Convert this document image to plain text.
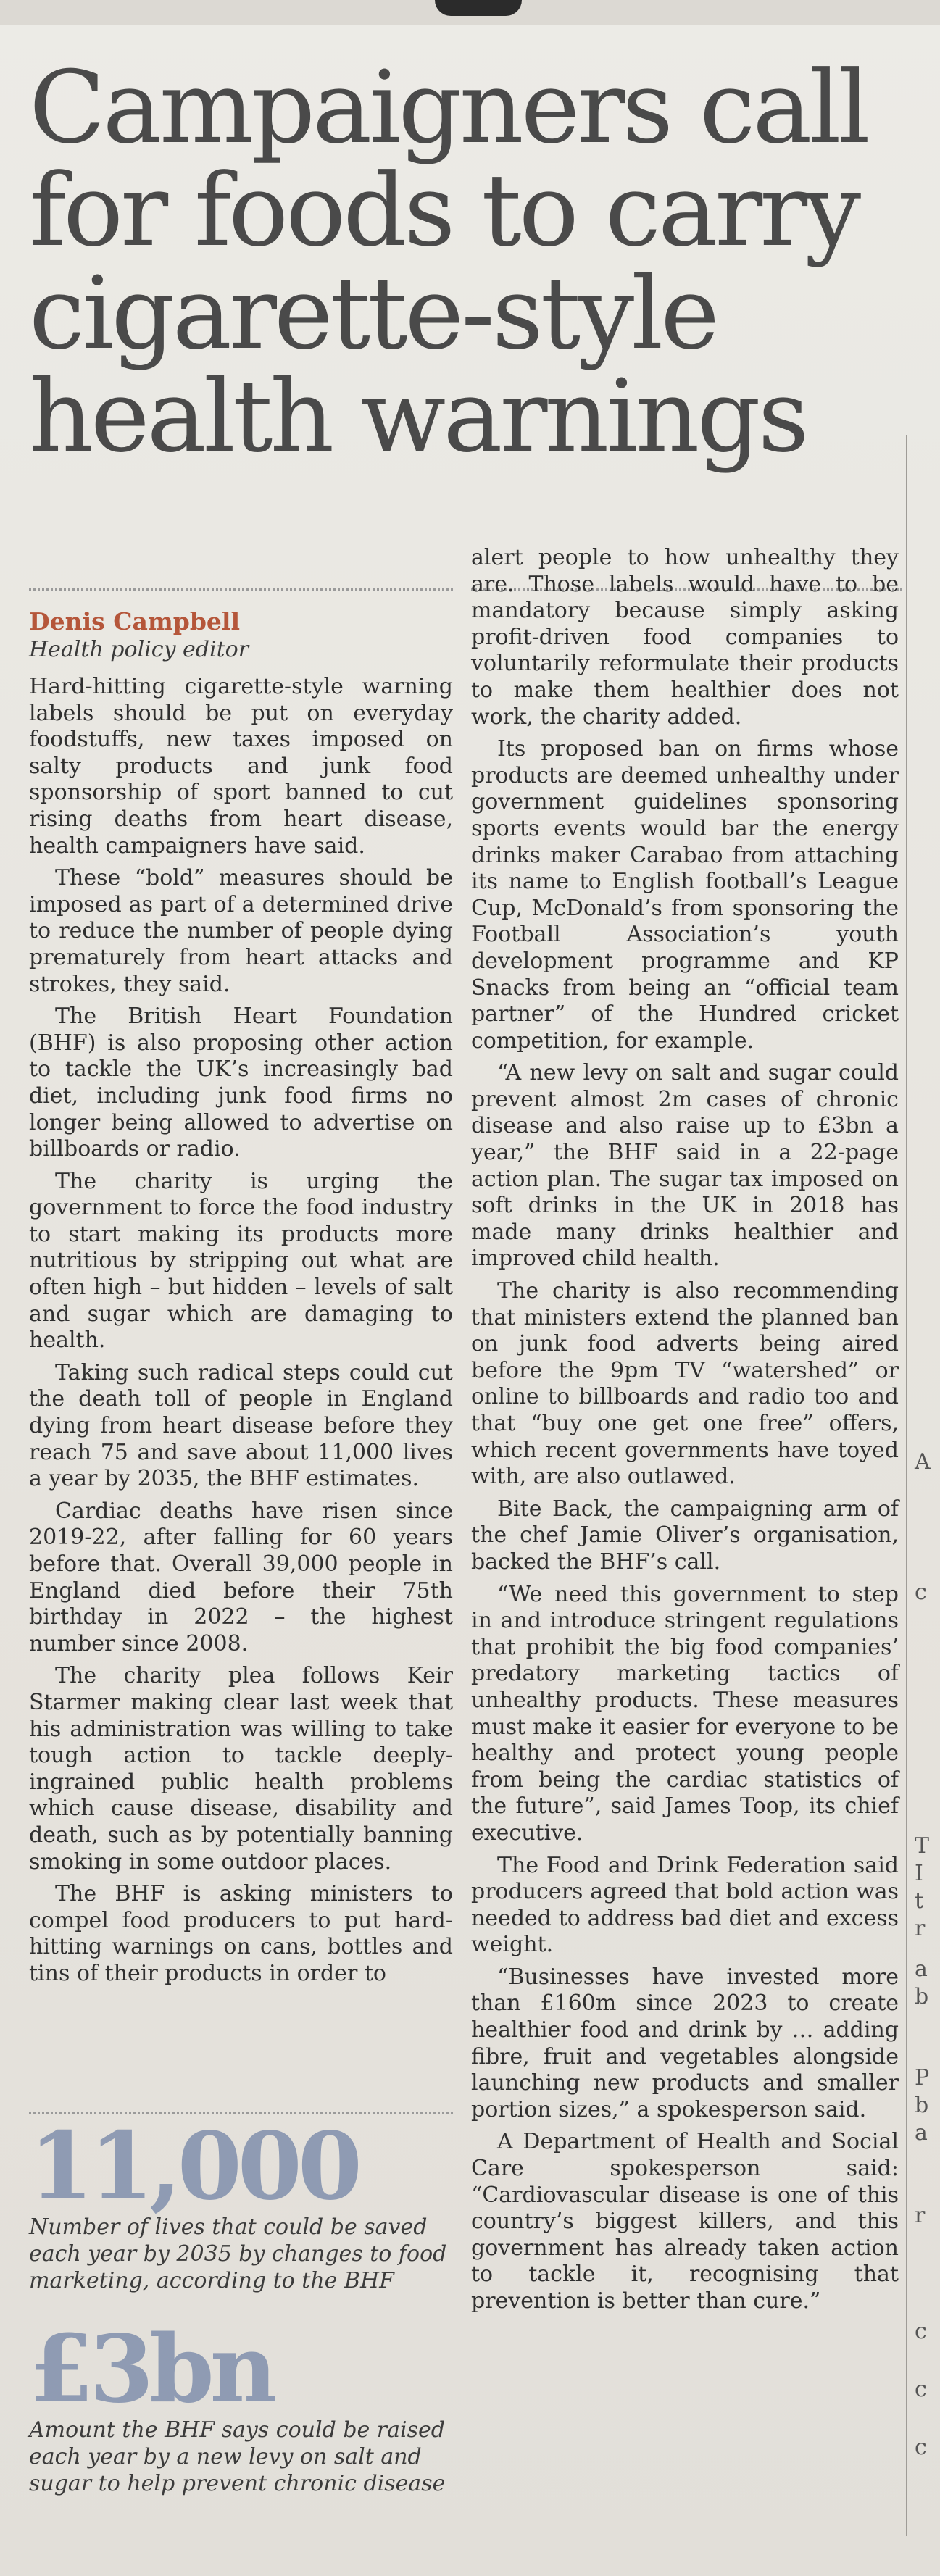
Campaigners call for foods to carry cigarette-style health warnings

Denis Campbell

Health policy editor

Hard-hitting cigarette-style warning labels should be put on everyday foodstuffs, new taxes imposed on salty products and junk food sponsorship of sport banned to cut rising deaths from heart disease, health campaigners have said.

These “bold” measures should be imposed as part of a determined drive to reduce the number of people dying prematurely from heart attacks and strokes, they said.

The British Heart Foundation (BHF) is also proposing other action to tackle the UK’s increasingly bad diet, including junk food firms no longer being allowed to advertise on billboards or radio.

The charity is urging the government to force the food industry to start making its products more nutritious by stripping out what are often high – but hidden – levels of salt and sugar which are damaging to health.

Taking such radical steps could cut the death toll of people in England dying from heart disease before they reach 75 and save about 11,000 lives a year by 2035, the BHF estimates.

Cardiac deaths have risen since 2019-22, after falling for 60 years before that. Overall 39,000 people in England died before their 75th birthday in 2022 – the highest number since 2008.

The charity plea follows Keir Starmer making clear last week that his administration was willing to take tough action to tackle deeply-ingrained public health problems which cause disease, disability and death, such as by potentially banning smoking in some outdoor places.

The BHF is asking ministers to compel food producers to put hard-hitting warnings on cans, bottles and tins of their products in order to

11,000

Number of lives that could be saved each year by 2035 by changes to food marketing, according to the BHF

£3bn

Amount the BHF says could be raised each year by a new levy on salt and sugar to help prevent chronic disease

alert people to how unhealthy they are. Those labels would have to be mandatory because simply asking profit-driven food companies to voluntarily reformulate their products to make them healthier does not work, the charity added.

Its proposed ban on firms whose products are deemed unhealthy under government guidelines sponsoring sports events would bar the energy drinks maker Carabao from attaching its name to English football’s League Cup, McDonald’s from sponsoring the Football Association’s youth development programme and KP Snacks from being an “official team partner” of the Hundred cricket competition, for example.

“A new levy on salt and sugar could prevent almost 2m cases of chronic disease and also raise up to £3bn a year,” the BHF said in a 22-page action plan. The sugar tax imposed on soft drinks in the UK in 2018 has made many drinks healthier and improved child health.

The charity is also recommending that ministers extend the planned ban on junk food adverts being aired before the 9pm TV “watershed” or online to billboards and radio too and that “buy one get one free” offers, which recent governments have toyed with, are also outlawed.

Bite Back, the campaigning arm of the chef Jamie Oliver’s organisation, backed the BHF’s call.

“We need this government to step in and introduce stringent regulations that prohibit the big food companies’ predatory marketing tactics of unhealthy products. These measures must make it easier for everyone to be healthy and protect young people from being the cardiac statistics of the future”, said James Toop, its chief executive.

The Food and Drink Federation said producers agreed that bold action was needed to address bad diet and excess weight.

“Businesses have invested more than £160m since 2023 to create healthier food and drink by … adding fibre, fruit and vegetables alongside launching new products and smaller portion sizes,” a spokesperson said.

A Department of Health and Social Care spokesperson said: “Cardiovascular disease is one of this country’s biggest killers, and this government has already taken action to tackle it, recognising that prevention is better than cure.”

A
c
T
I
t
r
a
b
P
b
a
r
c
c
c
